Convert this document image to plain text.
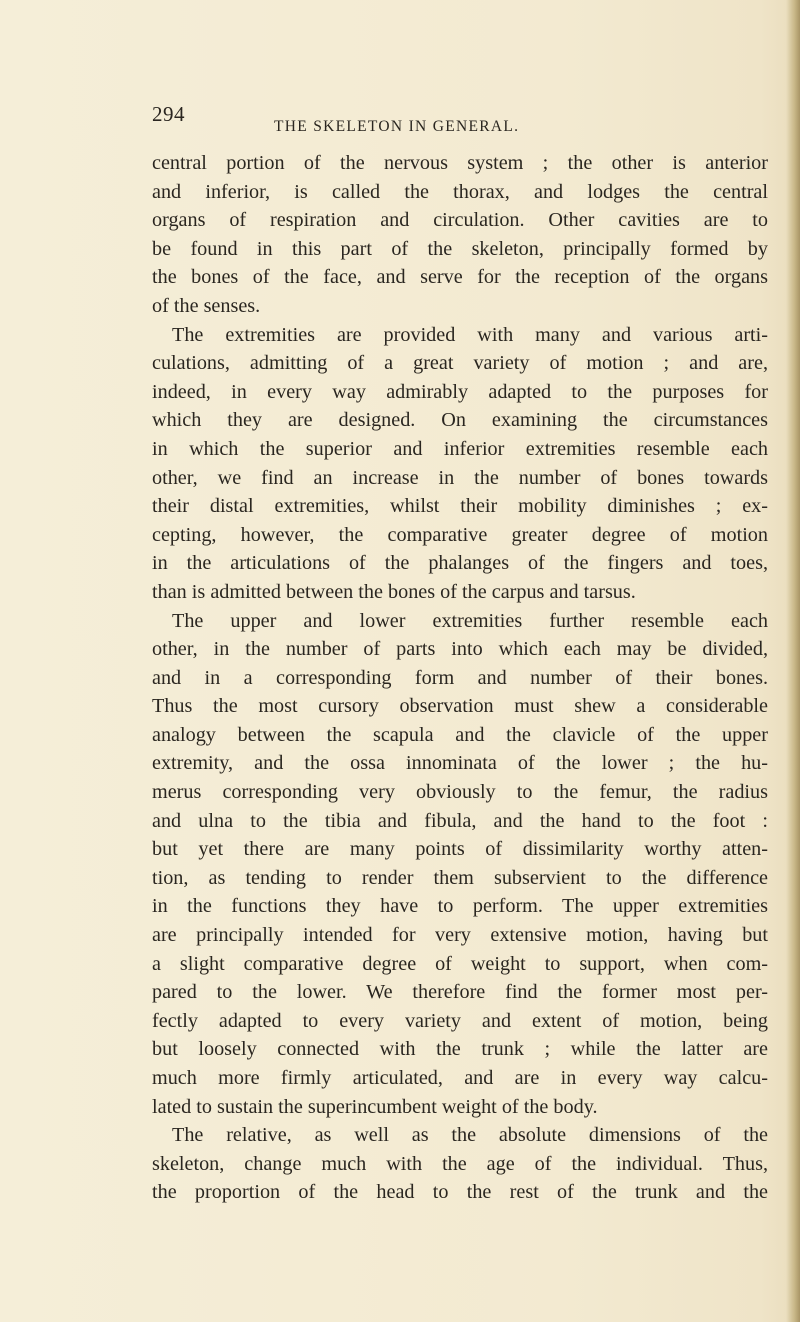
294
THE SKELETON IN GENERAL.
central portion of the nervous system ; the other is anterior
and inferior, is called the thorax, and lodges the central
organs of respiration and circulation. Other cavities are to
be found in this part of the skeleton, principally formed by
the bones of the face, and serve for the reception of the organs
of the senses.
The extremities are provided with many and various arti-
culations, admitting of a great variety of motion ; and are,
indeed, in every way admirably adapted to the purposes for
which they are designed. On examining the circumstances
in which the superior and inferior extremities resemble each
other, we find an increase in the number of bones towards
their distal extremities, whilst their mobility diminishes ; ex-
cepting, however, the comparative greater degree of motion
in the articulations of the phalanges of the fingers and toes,
than is admitted between the bones of the carpus and tarsus.
The upper and lower extremities further resemble each
other, in the number of parts into which each may be divided,
and in a corresponding form and number of their bones.
Thus the most cursory observation must shew a considerable
analogy between the scapula and the clavicle of the upper
extremity, and the ossa innominata of the lower ; the hu-
merus corresponding very obviously to the femur, the radius
and ulna to the tibia and fibula, and the hand to the foot :
but yet there are many points of dissimilarity worthy atten-
tion, as tending to render them subservient to the difference
in the functions they have to perform. The upper extremities
are principally intended for very extensive motion, having but
a slight comparative degree of weight to support, when com-
pared to the lower. We therefore find the former most per-
fectly adapted to every variety and extent of motion, being
but loosely connected with the trunk ; while the latter are
much more firmly articulated, and are in every way calcu-
lated to sustain the superincumbent weight of the body.
The relative, as well as the absolute dimensions of the
skeleton, change much with the age of the individual. Thus,
the proportion of the head to the rest of the trunk and the
